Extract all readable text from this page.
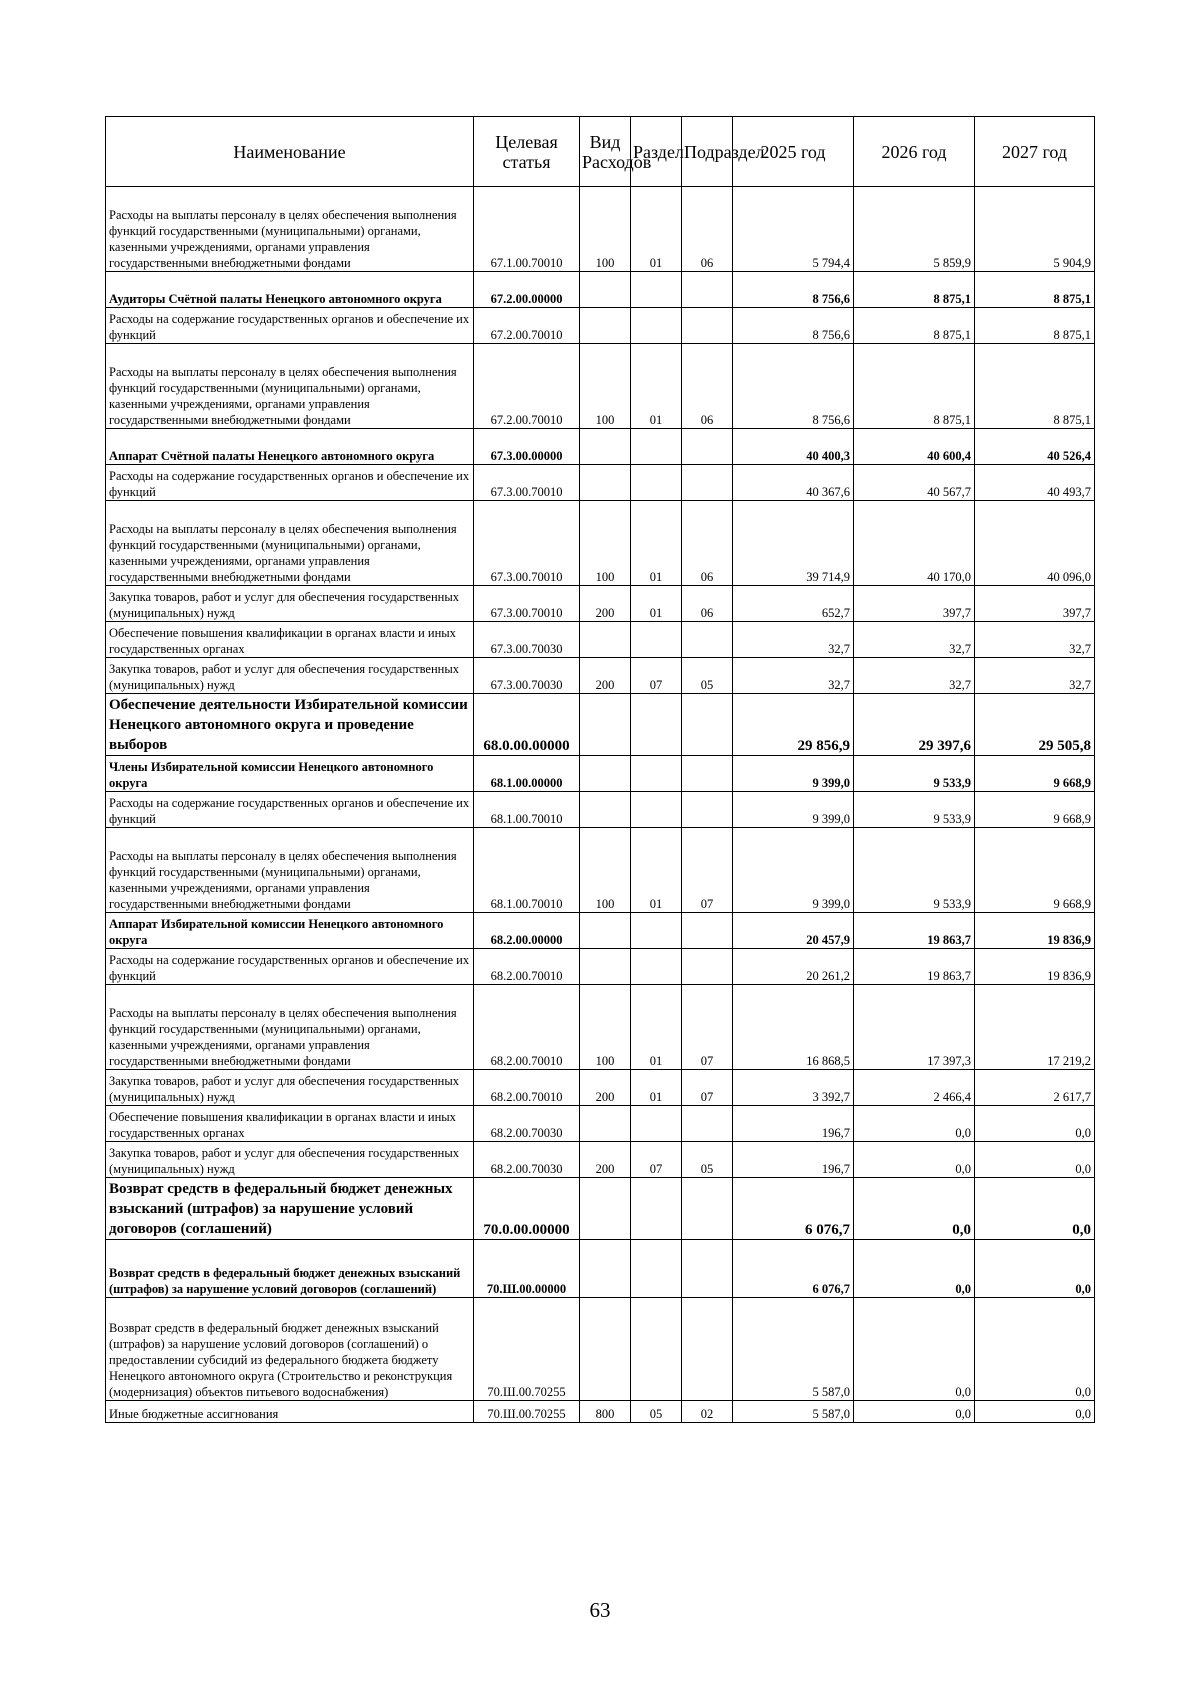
Наименование	Целевая статья	Вид Расходов	Раздел	Подраздел	2025 год	2026 год	2027 год
Расходы на выплаты персоналу в целях обеспечения выполнения функций государственными (муниципальными) органами, казенными учреждениями, органами управления государственными внебюджетными фондами	67.1.00.70010	100	01	06	5 794,4	5 859,9	5 904,9
Аудиторы Счётной палаты Ненецкого автономного округа	67.2.00.00000				8 756,6	8 875,1	8 875,1
Расходы на содержание государственных органов и обеспечение их функций	67.2.00.70010				8 756,6	8 875,1	8 875,1
Расходы на выплаты персоналу в целях обеспечения выполнения функций государственными (муниципальными) органами, казенными учреждениями, органами управления государственными внебюджетными фондами	67.2.00.70010	100	01	06	8 756,6	8 875,1	8 875,1
Аппарат Счётной палаты Ненецкого автономного округа	67.3.00.00000				40 400,3	40 600,4	40 526,4
Расходы на содержание государственных органов и обеспечение их функций	67.3.00.70010				40 367,6	40 567,7	40 493,7
Расходы на выплаты персоналу в целях обеспечения выполнения функций государственными (муниципальными) органами, казенными учреждениями, органами управления государственными внебюджетными фондами	67.3.00.70010	100	01	06	39 714,9	40 170,0	40 096,0
Закупка товаров, работ и услуг для обеспечения государственных (муниципальных) нужд	67.3.00.70010	200	01	06	652,7	397,7	397,7
Обеспечение повышения квалификации в органах власти и иных государственных органах	67.3.00.70030				32,7	32,7	32,7
Закупка товаров, работ и услуг для обеспечения государственных (муниципальных) нужд	67.3.00.70030	200	07	05	32,7	32,7	32,7
Обеспечение деятельности Избирательной комиссии Ненецкого автономного округа и проведение выборов	68.0.00.00000				29 856,9	29 397,6	29 505,8
Члены Избирательной комиссии Ненецкого автономного округа	68.1.00.00000				9 399,0	9 533,9	9 668,9
Расходы на содержание государственных органов и обеспечение их функций	68.1.00.70010				9 399,0	9 533,9	9 668,9
Расходы на выплаты персоналу в целях обеспечения выполнения функций государственными (муниципальными) органами, казенными учреждениями, органами управления государственными внебюджетными фондами	68.1.00.70010	100	01	07	9 399,0	9 533,9	9 668,9
Аппарат Избирательной комиссии Ненецкого автономного округа	68.2.00.00000				20 457,9	19 863,7	19 836,9
Расходы на содержание государственных органов и обеспечение их функций	68.2.00.70010				20 261,2	19 863,7	19 836,9
Расходы на выплаты персоналу в целях обеспечения выполнения функций государственными (муниципальными) органами, казенными учреждениями, органами управления государственными внебюджетными фондами	68.2.00.70010	100	01	07	16 868,5	17 397,3	17 219,2
Закупка товаров, работ и услуг для обеспечения государственных (муниципальных) нужд	68.2.00.70010	200	01	07	3 392,7	2 466,4	2 617,7
Обеспечение повышения квалификации в органах власти и иных государственных органах	68.2.00.70030				196,7	0,0	0,0
Закупка товаров, работ и услуг для обеспечения государственных (муниципальных) нужд	68.2.00.70030	200	07	05	196,7	0,0	0,0
Возврат средств в федеральный бюджет денежных взысканий (штрафов) за нарушение условий договоров (соглашений)	70.0.00.00000				6 076,7	0,0	0,0
Возврат средств в федеральный бюджет денежных взысканий (штрафов) за нарушение условий договоров (соглашений)	70.Ш.00.00000				6 076,7	0,0	0,0
Возврат средств в федеральный бюджет денежных взысканий (штрафов) за нарушение условий договоров (соглашений) о предоставлении субсидий из федерального бюджета бюджету Ненецкого автономного округа (Строительство и реконструкция (модернизация) объектов питьевого водоснабжения)	70.Ш.00.70255				5 587,0	0,0	0,0
Иные бюджетные ассигнования	70.Ш.00.70255	800	05	02	5 587,0	0,0	0,0
63
